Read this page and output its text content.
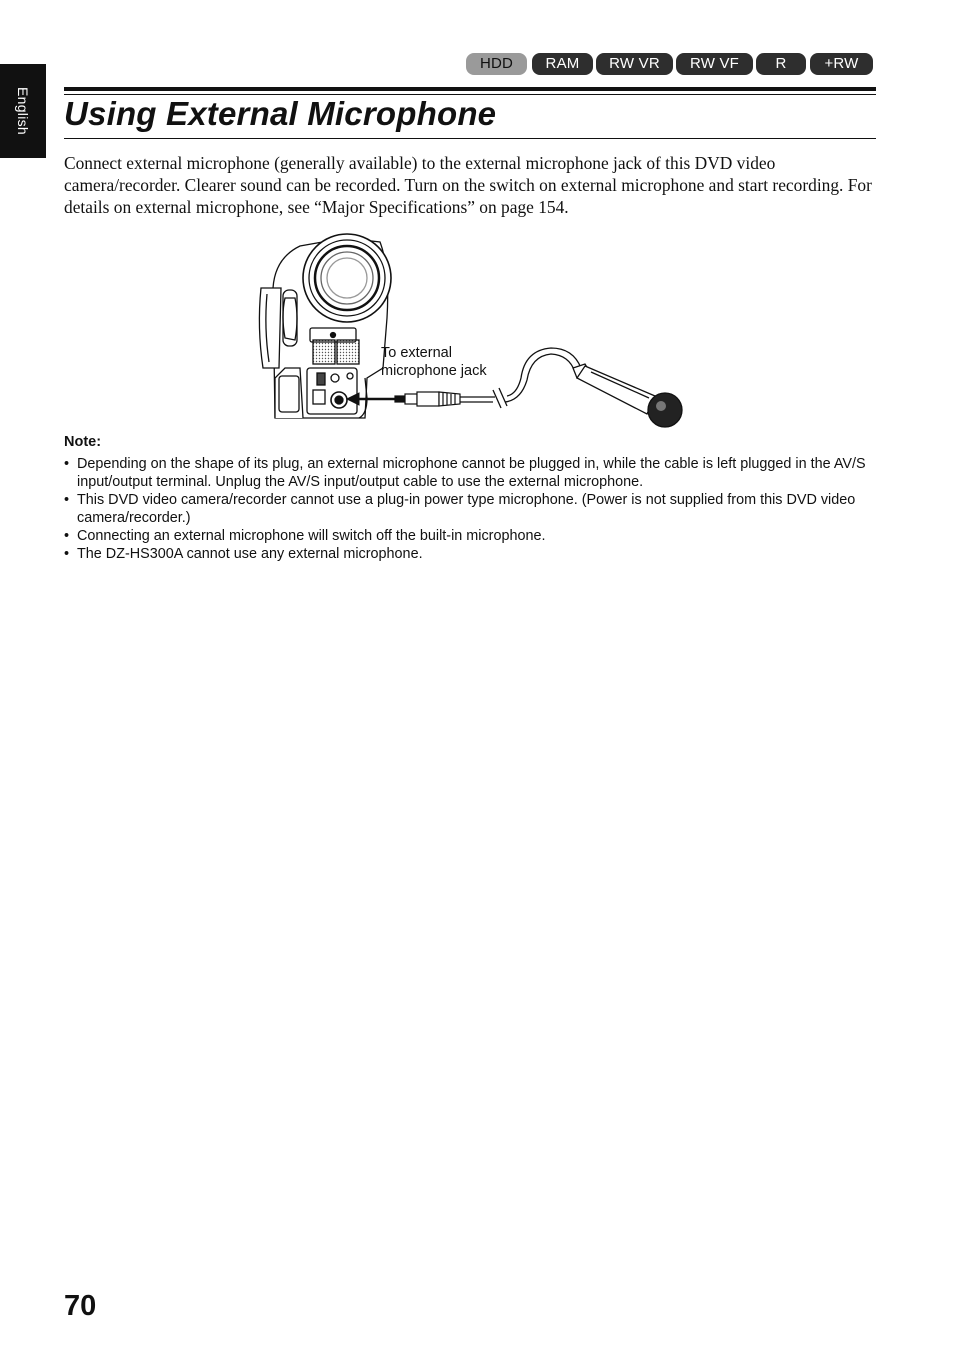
English
HDD	RAM	RW VR	RW VF	R	+RW
Using External Microphone

Connect external microphone (generally available) to the external microphone jack of this DVD video camera/recorder. Clearer sound can be recorded. Turn on the switch on external microphone and start recording. For details on external microphone, see “Major Specifications” on page 154.

To external
microphone jack

Note:

• Depending on the shape of its plug, an external microphone cannot be plugged in, while the cable is left plugged in the AV/S input/output terminal. Unplug the AV/S input/output cable to use the external microphone.
• This DVD video camera/recorder cannot use a plug-in power type microphone. (Power is not supplied from this DVD video camera/recorder.)
• Connecting an external microphone will switch off the built-in microphone.
• The DZ-HS300A cannot use any external microphone.

70
